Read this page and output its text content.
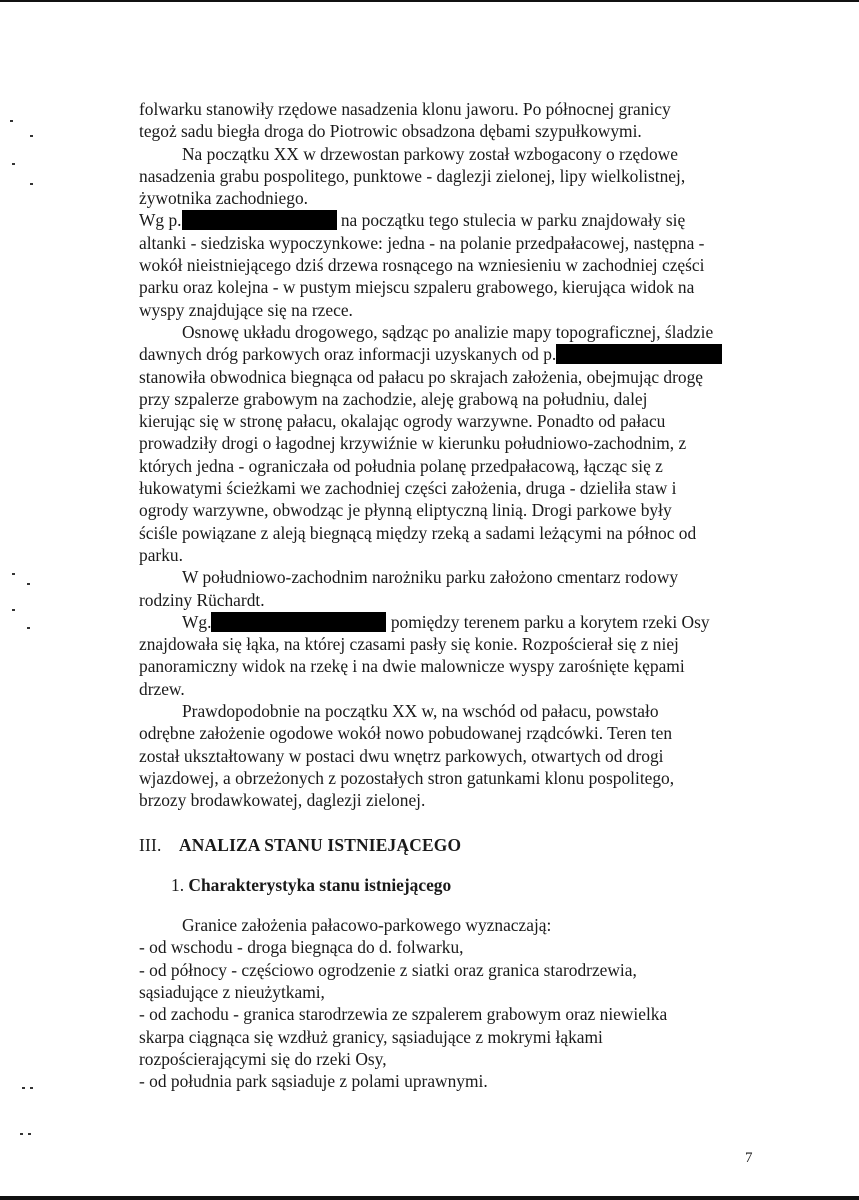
folwarku stanowiły rzędowe nasadzenia klonu jaworu. Po północnej granicy
tegoż sadu biegła droga do Piotrowic obsadzona dębami szypułkowymi.

Na początku XX w drzewostan parkowy został wzbogacony o rzędowe
nasadzenia grabu pospolitego, punktowe - daglezji zielonej, lipy wielkolistnej,
żywotnika zachodniego.

Wg p.	na początku tego stulecia w parku znajdowały się
altanki - siedziska wypoczynkowe: jedna - na polanie przedpałacowej, następna -
wokół nieistniejącego dziś drzewa rosnącego na wzniesieniu w zachodniej części
parku oraz kolejna - w pustym miejscu szpaleru grabowego, kierująca widok na
wyspy znajdujące się na rzece.

Osnowę układu drogowego, sądząc po analizie mapy topograficznej, śladzie
dawnych dróg parkowych oraz informacji uzyskanych od p.
stanowiła obwodnica biegnąca od pałacu po skrajach założenia, obejmując drogę
przy szpalerze grabowym na zachodzie, aleję grabową na południu, dalej
kierując się w stronę pałacu, okalając ogrody warzywne. Ponadto od pałacu
prowadziły drogi o łagodnej krzywiźnie w kierunku południowo-zachodnim, z
których jedna - ograniczała od południa polanę przedpałacową, łącząc się z
łukowatymi ścieżkami we zachodniej części założenia, druga - dzieliła staw i
ogrody warzywne, obwodząc je płynną eliptyczną linią. Drogi parkowe były
ściśle powiązane z aleją biegnącą między rzeką a sadami leżącymi na północ od
parku.

W południowo-zachodnim narożniku parku założono cmentarz rodowy
rodziny Rüchardt.

Wg.	pomiędzy terenem parku a korytem rzeki Osy

znajdowała się łąka, na której czasami pasły się konie. Rozpościerał się z niej
panoramiczny widok na rzekę i na dwie malownicze wyspy zarośnięte kępami
drzew.

Prawdopodobnie na początku XX w, na wschód od pałacu, powstało
odrębne założenie ogodowe wokół nowo pobudowanej rządcówki. Teren ten
został ukształtowany w postaci dwu wnętrz parkowych, otwartych od drogi
wjazdowej, a obrzeżonych z pozostałych stron gatunkami klonu pospolitego,
brzozy brodawkowatej, daglezji zielonej.

III. ANALIZA STANU ISTNIEJĄCEGO

1. Charakterystyka stanu istniejącego

Granice założenia pałacowo-parkowego wyznaczają:

- od wschodu - droga biegnąca do d. folwarku,
- od północy - częściowo ogrodzenie z siatki oraz granica starodrzewia,
sąsiadujące z nieużytkami,
- od zachodu - granica starodrzewia ze szpalerem grabowym oraz niewielka
skarpa ciągnąca się wzdłuż granicy, sąsiadujące z mokrymi łąkami
rozpościerającymi się do rzeki Osy,
- od południa park sąsiaduje z polami uprawnymi.

7
